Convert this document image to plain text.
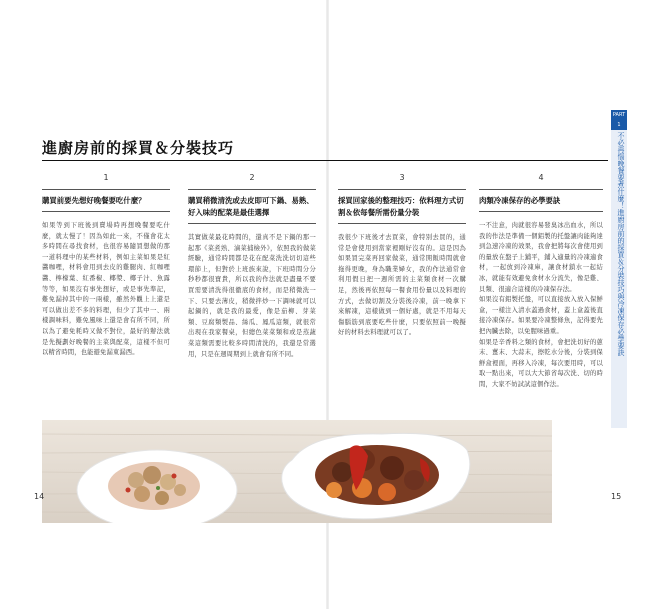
進廚房前的採買＆分裝技巧
1
購買前要先想好晚餐要吃什麼？

如果等到下班後到賣場時再想晚餐要吃什麼，就太慢了！因為如此一來，不僅會花太多時間在尋找食材，也很容易隨買想做的那一道料理中的某些材料，例如主菜如果是紅醬咖哩，材料會用到去皮的雞腿肉、紅咖哩醬、檸檬葉、紅番椒、椰漿、椰子汁、魚露等等，如果沒有事先想好，或是事先準記，難免漏掉其中的一兩樣，雖然外觀上上還是可以做出差不多的料理，但少了其中一、兩樣調味料，難免風味上還是會有所不同，所以為了避免耗時又做不對位，最好的辦法就是先擬劃好晚餐的主菜與配菜，這樣不但可以精省時間，也能避免漏東漏西。

2
購買稍微清洗或去皮即可下鍋、易熟、好入味的配菜是最佳選擇

其實做菜最花時間的，還真不是下鍋的那一起那《菜煮熟、滷菜捕檢外》，依照我的做菜經驗，通常時間都是花在配菜洗洗切切這些環節上，但對於上班族來說，下班時間分分秒秒都很寶貴，所以我的作法就是盡量不要買需要清洗得很徹底的食材，而是稍微洗一下、只要去薄皮，稍微拌炒一下調味就可以起鍋的，就是我的最愛，像是茄柳、芽菜類、豆腐類製品、絲瓜、鳳瓜這類，就很常出現在我家餐桌，但總色菜菜類和或是蒸蔬菜這類需要比較多時間清洗的，我還是常選用，只是在週周期到上就會有所不同。

3
採買回家後的整理技巧：依料理方式切割＆依每餐所需份量分裝

我很少下班後才去買菜，會特別去買的，通常是會使用到當家裡剛好沒有的。這是因為如果買完菜再回家做菜，通常開飯時間就會拖得更晚，身為職業婦女，我的作法通常會利用假日把一週所需的主菜類食材一次購足，然後再依照每一餐食用份量以及料理的方式，去做切割及分裝後冷凍，前一晚拿下來解凍，這樣做到一個好處，就是不用每天傷腦筋到底要吃些什麼，只要依照前一晚擬好的材料去料理就可以了。

4
肉類冷凍保存的必學要訣

一不注意，肉就很容易發臭冰出血水，所以我的作法是準備一個鋁製的托盤讓肉能夠達到急速冷凍的效果，我會把將每次會使用到的量放在盤子上鋪平，鋪入適量的冷凍適食材，一起放到冷凍庫，讓食材鎖水一起結冰，就能有效避免食材水分流失，像是雞、貝類、很適合這樣的冷凍保存法。

如果沒有鋁製托盤，可以直接放入放入保鮮盒，一樣注入清水蓋過食材，蓋上盒蓋後直接冷凍保存。如果要冷凍整條魚，記得要先把內臟去除，以免腥味過重。

如果是辛香料之類的食材，會把洗切好的蔥末、薑末、大蒜末，擦乾水分後，分裝到保鮮盒裡面，再移入冷凍，每次要用時，可以取一點出來，可以大大節省每次洗、切的時間，大家不妨試試這個作法。

PART 1
不必再惱晚餐要煮什麼！進廚房前的採買＆分裝技巧與冷凍保存必學要訣
14	15
